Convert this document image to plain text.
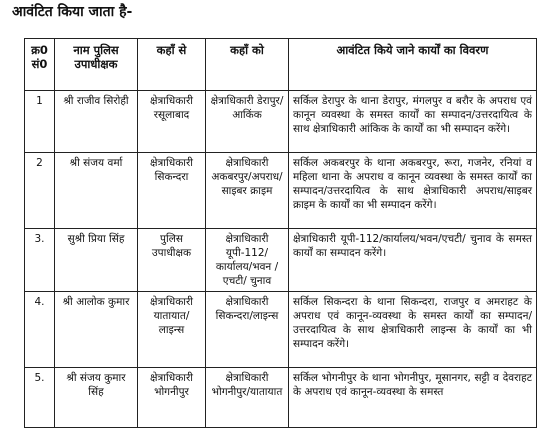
आवंटित किया जाता है-
क्र0 सं0	नाम पुलिस उपाधीक्षक	कहाँ से	कहाँ को	आवंटित किये जाने कार्यों का विवरण
1	श्री राजीव सिरोही	क्षेत्राधिकारी रसूलाबाद	क्षेत्राधिकारी डेरापुर/आकिंक	सर्किल डेरापुर के थाना डेरापुर, मंगलपुर व बरौर के अपराध एवं कानून व्यवस्था के समस्त कार्यों का सम्पादन/उत्तरदायित्व के साथ क्षेत्राधिकारी आंकिक के कार्यों का भी सम्पादन करेंगे।
2	श्री संजय वर्मा	क्षेत्राधिकारी सिकन्दरा	क्षेत्राधिकारी अकबरपुर/अपराध/ साइबर क्राइम	सर्किल अकबरपुर के थाना अकबरपुर, रूरा, गजनेर, रनियां व महिला थाना के अपराध व कानून व्यवस्था के समस्त कार्यों का सम्पादन/उत्तरदायित्व के साथ क्षेत्राधिकारी अपराध/साइबर क्राइम के कार्यों का भी सम्पादन करेंगे।
3.	सुश्री प्रिया सिंह	पुलिस उपाधीक्षक	क्षेत्राधिकारी यूपी-112/कार्यालय/भवन /एचटी/ चुनाव	क्षेत्राधिकारी यूपी-112/कार्यालय/भवन/एचटी/ चुनाव के समस्त कार्यों का सम्पादन करेंगे।
4.	श्री आलोक कुमार	क्षेत्राधिकारी यातायात/ लाइन्स	क्षेत्राधिकारी सिकन्दरा/लाइन्स	सर्किल सिकन्दरा के थाना सिकन्दरा, राजपुर व अमराहट के अपराध एवं कानून-व्यवस्था के समस्त कार्यों का सम्पादन/उत्तरदायित्व के साथ क्षेत्राधिकारी लाइन्स के कार्यों का भी सम्पादन करेंगे।
5.	श्री संजय कुमार सिंह	क्षेत्राधिकारी भोगनीपुर	क्षेत्राधिकारी भोगनीपुर/यातायात	सर्किल भोगनीपुर के थाना भोगनीपुर, मूसानगर, सट्टी व देवराहट के अपराध एवं कानून-व्यवस्था के समस्त
